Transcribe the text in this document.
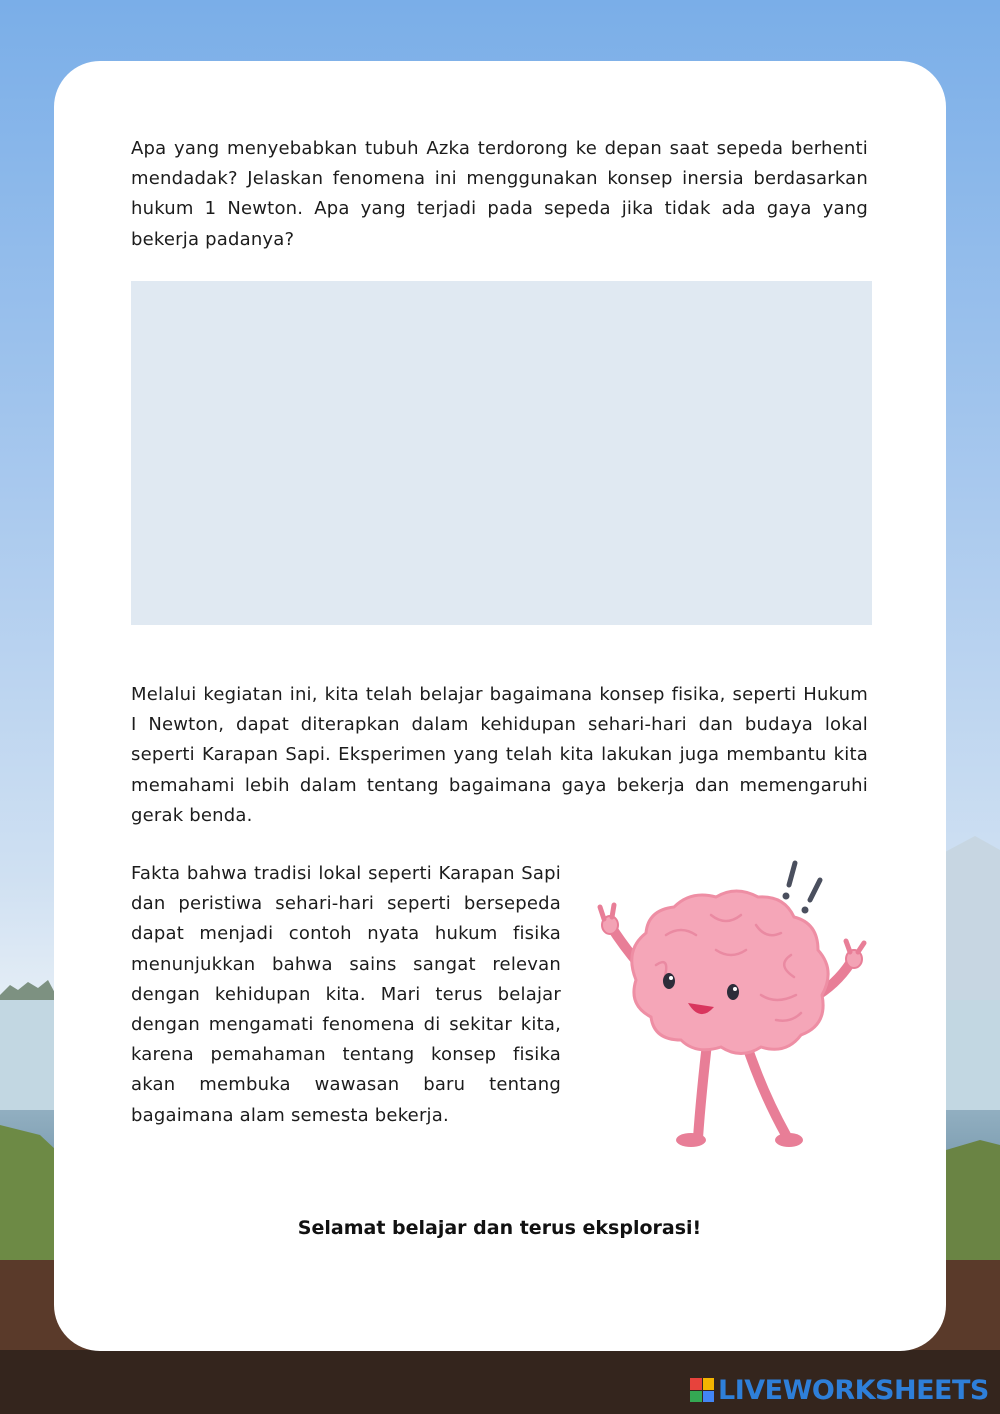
Apa yang menyebabkan tubuh Azka terdorong ke depan saat sepeda berhenti mendadak? Jelaskan fenomena ini menggunakan konsep inersia berdasarkan hukum 1 Newton. Apa yang terjadi pada sepeda jika tidak ada gaya yang bekerja padanya?

Melalui kegiatan ini, kita telah belajar bagaimana konsep fisika, seperti Hukum I Newton, dapat diterapkan dalam kehidupan sehari-hari dan budaya lokal seperti Karapan Sapi. Eksperimen yang telah kita lakukan juga membantu kita memahami lebih dalam tentang bagaimana gaya bekerja dan memengaruhi gerak benda.

Fakta bahwa tradisi lokal seperti Karapan Sapi dan peristiwa sehari-hari seperti bersepeda dapat menjadi contoh nyata hukum fisika menunjukkan bahwa sains sangat relevan dengan kehidupan kita. Mari terus belajar dengan mengamati fenomena di sekitar kita, karena pemahaman tentang konsep fisika akan membuka wawasan baru tentang bagaimana alam semesta bekerja.

Selamat belajar dan terus eksplorasi!

LIVEWORKSHEETS
